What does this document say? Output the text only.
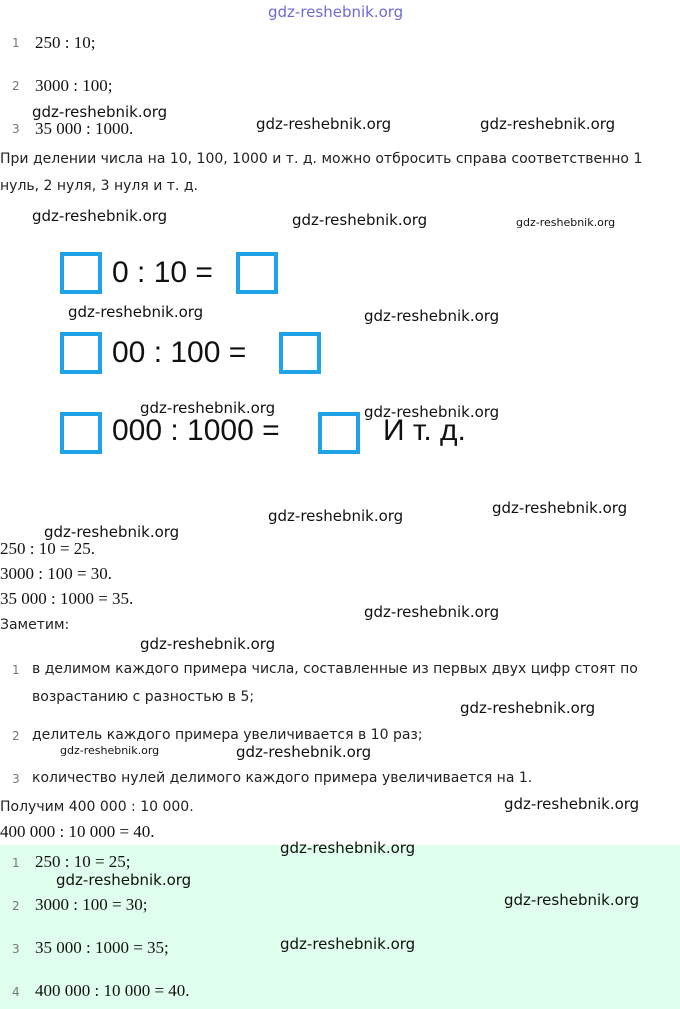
1 250 : 10;
2 3000 : 100;
3 35 000 : 1000.
При делении числа на 10, 100, 1000 и т. д. можно отбросить справа соответственно 1
нуль, 2 нуля, 3 нуля и т. д.
0 : 10 =
00 : 100 =
000 : 1000 =	И т. д.
250 : 10 = 25.
3000 : 100 = 30.
35 000 : 1000 = 35.
Заметим:
1 в делимом каждого примера числа, составленные из первых двух цифр стоят по
возрастанию с разностью в 5;
2 делитель каждого примера увеличивается в 10 раз;
3 количество нулей делимого каждого примера увеличивается на 1.
Получим 400 000 : 10 000.
400 000 : 10 000 = 40.
1 250 : 10 = 25;
2 3000 : 100 = 30;
3 35 000 : 1000 = 35;
4 400 000 : 10 000 = 40.
gdz-reshebnik.org
gdz-reshebnik.org
gdz-reshebnik.org	gdz-reshebnik.org
gdz-reshebnik.org	gdz-reshebnik.org	gdz-reshebnik.org
gdz-reshebnik.org	gdz-reshebnik.org
gdz-reshebnik.org	gdz-reshebnik.org
gdz-reshebnik.org
gdz-reshebnik.org
gdz-reshebnik.org
gdz-reshebnik.org
gdz-reshebnik.org
gdz-reshebnik.org
gdz-reshebnik.org	gdz-reshebnik.org
gdz-reshebnik.org
gdz-reshebnik.org
gdz-reshebnik.org
gdz-reshebnik.org
gdz-reshebnik.org
